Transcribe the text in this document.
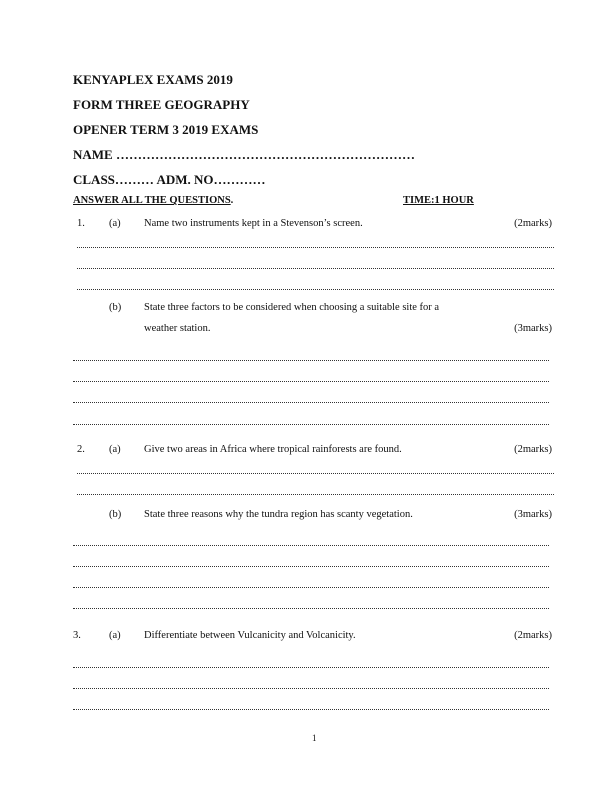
KENYAPLEX EXAMS 2019
FORM THREE GEOGRAPHY
OPENER TERM 3 2019 EXAMS
NAME ……………………………………………………………
CLASS……… ADM. NO…………
ANSWER ALL THE QUESTIONS.	TIME:1 HOUR
1. (a) Name two instruments kept in a Stevenson’s screen.	(2marks)
(b) State three factors to be considered when choosing a suitable site for a
weather station.	(3marks)
2. (a) Give two areas in Africa where tropical rainforests are found.	(2marks)
(b) State three reasons why the tundra region has scanty vegetation.	(3marks)
3.	(a) Differentiate between Vulcanicity and Volcanicity.	(2marks)
1
